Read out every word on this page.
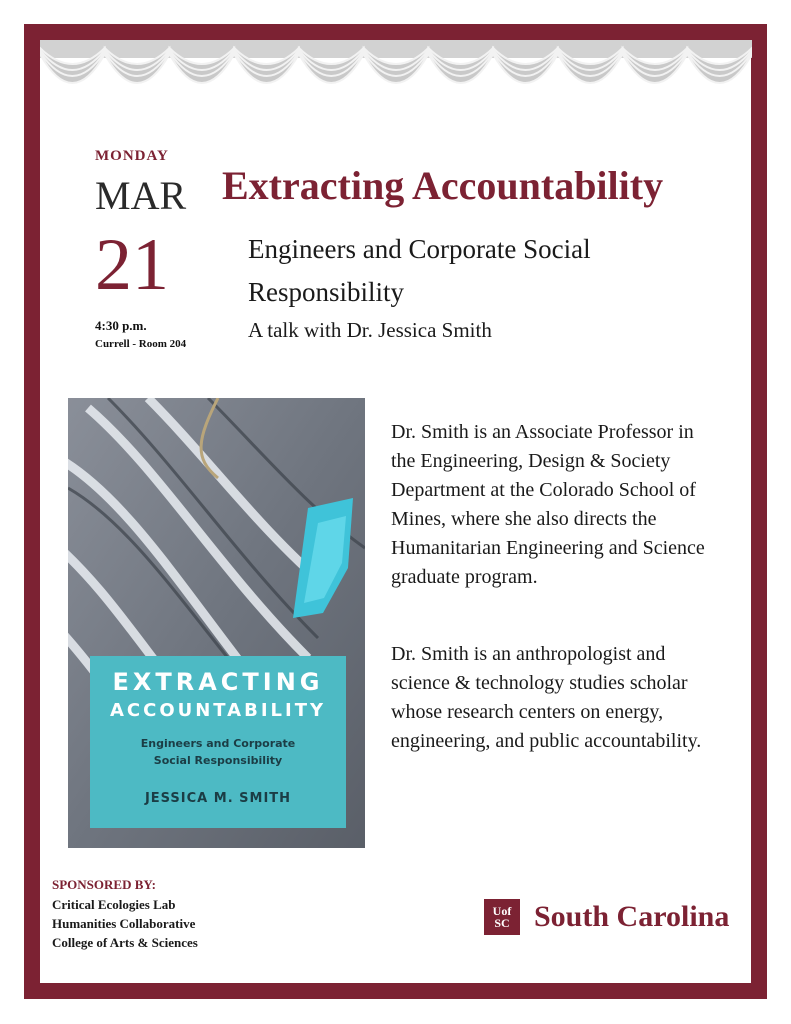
MONDAY

MAR

21

4:30 p.m.

Currell - Room 204

Extracting Accountability

Engineers and Corporate Social Responsibility

A talk with Dr. Jessica Smith

EXTRACTING
ACCOUNTABILITY
Engineers and Corporate
Social Responsibility
JESSICA M. SMITH

Dr. Smith is an Associate Professor in the Engineering, Design & Society Department at the Colorado School of Mines, where she also directs the Humanitarian Engineering and Science graduate program.

Dr. Smith is an anthropologist and science & technology studies scholar whose research centers on energy, engineering, and public accountability.

SPONSORED BY:

Critical Ecologies Lab

Humanities Collaborative

College of Arts & Sciences

Uof
SC South Carolina
